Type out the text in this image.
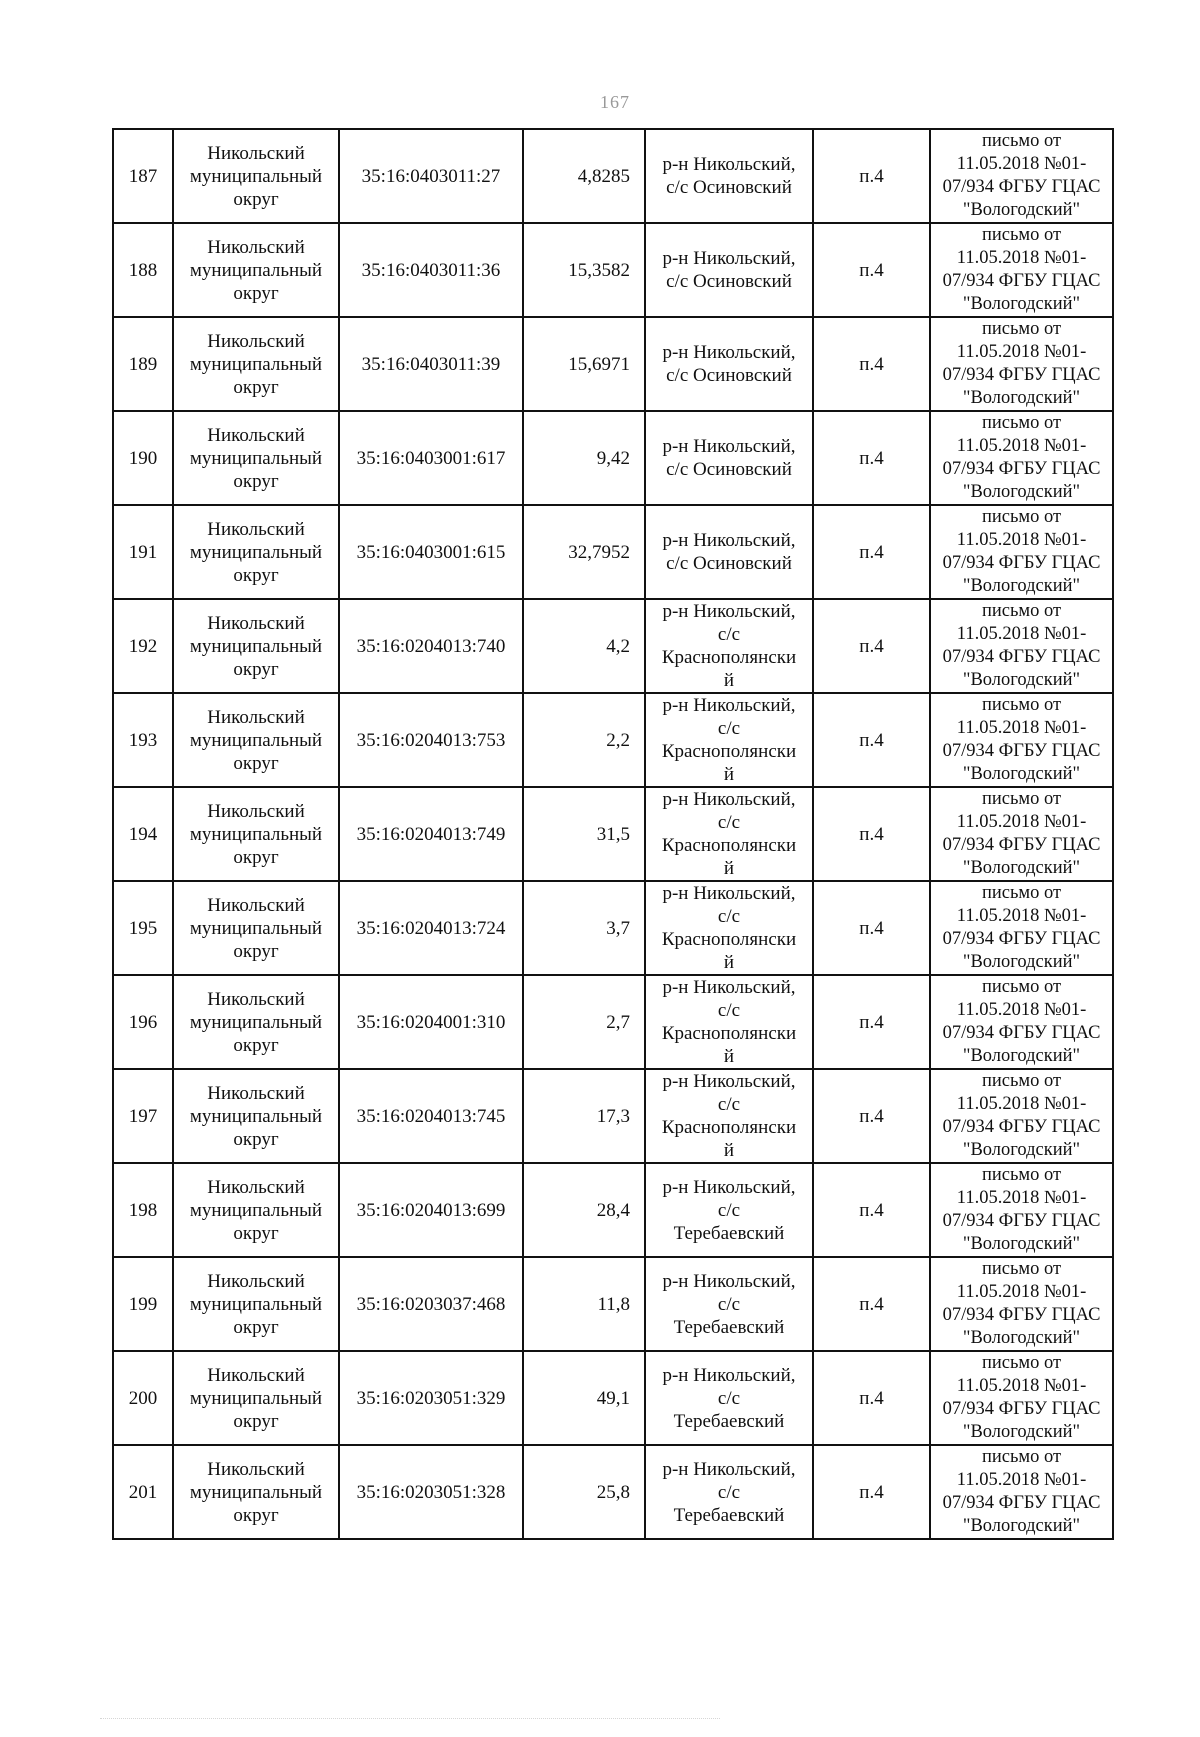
167
187	Никольский
муниципальный
округ	35:16:0403011:27	4,8285	р-н Никольский,
с/с Осиновский	п.4	письмо от
11.05.2018 №01-
07/934 ФГБУ ГЦАС
"Вологодский"

188	Никольский
муниципальный
округ	35:16:0403011:36	15,3582	р-н Никольский,
с/с Осиновский	п.4	письмо от
11.05.2018 №01-
07/934 ФГБУ ГЦАС
"Вологодский"

189	Никольский
муниципальный
округ	35:16:0403011:39	15,6971	р-н Никольский,
с/с Осиновский	п.4	письмо от
11.05.2018 №01-
07/934 ФГБУ ГЦАС
"Вологодский"

190	Никольский
муниципальный
округ	35:16:0403001:617	9,42	р-н Никольский,
с/с Осиновский	п.4	письмо от
11.05.2018 №01-
07/934 ФГБУ ГЦАС
"Вологодский"

191	Никольский
муниципальный
округ	35:16:0403001:615	32,7952	р-н Никольский,
с/с Осиновский	п.4	письмо от
11.05.2018 №01-
07/934 ФГБУ ГЦАС
"Вологодский"

192	Никольский
муниципальный
округ	35:16:0204013:740	4,2	р-н Никольский,
с/с
Краснополянски
й	п.4	письмо от
11.05.2018 №01-
07/934 ФГБУ ГЦАС
"Вологодский"

193	Никольский
муниципальный
округ	35:16:0204013:753	2,2	р-н Никольский,
с/с
Краснополянски
й	п.4	письмо от
11.05.2018 №01-
07/934 ФГБУ ГЦАС
"Вологодский"

194	Никольский
муниципальный
округ	35:16:0204013:749	31,5	р-н Никольский,
с/с
Краснополянски
й	п.4	письмо от
11.05.2018 №01-
07/934 ФГБУ ГЦАС
"Вологодский"

195	Никольский
муниципальный
округ	35:16:0204013:724	3,7	р-н Никольский,
с/с
Краснополянски
й	п.4	письмо от
11.05.2018 №01-
07/934 ФГБУ ГЦАС
"Вологодский"

196	Никольский
муниципальный
округ	35:16:0204001:310	2,7	р-н Никольский,
с/с
Краснополянски
й	п.4	письмо от
11.05.2018 №01-
07/934 ФГБУ ГЦАС
"Вологодский"

197	Никольский
муниципальный
округ	35:16:0204013:745	17,3	р-н Никольский,
с/с
Краснополянски
й	п.4	письмо от
11.05.2018 №01-
07/934 ФГБУ ГЦАС
"Вологодский"

198	Никольский
муниципальный
округ	35:16:0204013:699	28,4	р-н Никольский,
с/с
Теребаевский	п.4	письмо от
11.05.2018 №01-
07/934 ФГБУ ГЦАС
"Вологодский"

199	Никольский
муниципальный
округ	35:16:0203037:468	11,8	р-н Никольский,
с/с
Теребаевский	п.4	письмо от
11.05.2018 №01-
07/934 ФГБУ ГЦАС
"Вологодский"

200	Никольский
муниципальный
округ	35:16:0203051:329	49,1	р-н Никольский,
с/с
Теребаевский	п.4	письмо от
11.05.2018 №01-
07/934 ФГБУ ГЦАС
"Вологодский"

201	Никольский
муниципальный
округ	35:16:0203051:328	25,8	р-н Никольский,
с/с
Теребаевский	п.4	письмо от
11.05.2018 №01-
07/934 ФГБУ ГЦАС
"Вологодский"
